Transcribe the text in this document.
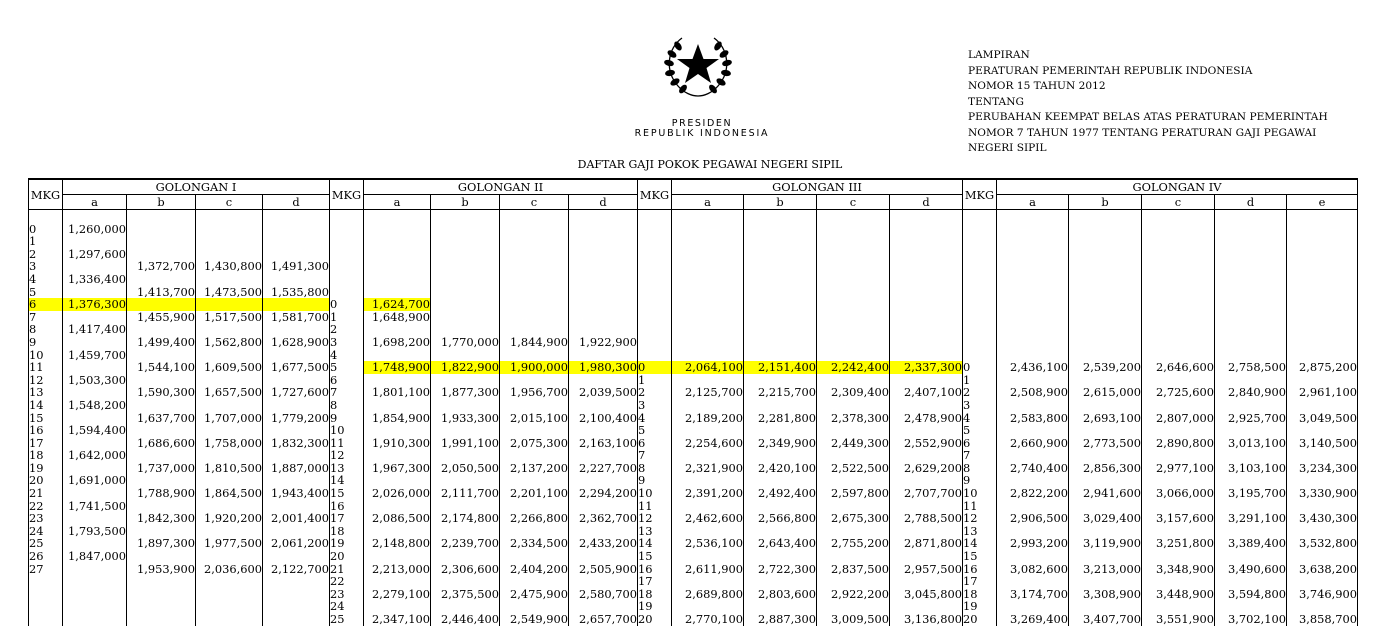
PRESIDEN
REPUBLIK INDONESIA
LAMPIRAN
PERATURAN PEMERINTAH REPUBLIK INDONESIA
NOMOR 15 TAHUN 2012
TENTANG
PERUBAHAN KEEMPAT BELAS ATAS PERATURAN PEMERINTAH
NOMOR 7 TAHUN 1977 TENTANG PERATURAN GAJI PEGAWAI
NEGERI SIPIL
DAFTAR GAJI POKOK PEGAWAI NEGERI SIPIL
MKG	GOLONGAN I				MKG	GOLONGAN II				MKG	GOLONGAN III				MKG	GOLONGAN IV				
	a	b	c	d		a	b	c	d		a	b	c	d		a	b	c	d	e

0	1,260,000																			
1																				
2	1,297,600																			
3		1,372,700	1,430,800	1,491,300																
4	1,336,400																			
5		1,413,700	1,473,500	1,535,800																
6	1,376,300				0	1,624,700														
7		1,455,900	1,517,500	1,581,700	1	1,648,900														
8	1,417,400				2															
9		1,499,400	1,562,800	1,628,900	3	1,698,200	1,770,000	1,844,900	1,922,900											
10	1,459,700				4															
11		1,544,100	1,609,500	1,677,500	5	1,748,900	1,822,900	1,900,000	1,980,300	0	2,064,100	2,151,400	2,242,400	2,337,300	0	2,436,100	2,539,200	2,646,600	2,758,500	2,875,200
12	1,503,300				6					1					1					
13		1,590,300	1,657,500	1,727,600	7	1,801,100	1,877,300	1,956,700	2,039,500	2	2,125,700	2,215,700	2,309,400	2,407,100	2	2,508,900	2,615,000	2,725,600	2,840,900	2,961,100
14	1,548,200				8					3					3					
15		1,637,700	1,707,000	1,779,200	9	1,854,900	1,933,300	2,015,100	2,100,400	4	2,189,200	2,281,800	2,378,300	2,478,900	4	2,583,800	2,693,100	2,807,000	2,925,700	3,049,500
16	1,594,400				10					5					5					
17		1,686,600	1,758,000	1,832,300	11	1,910,300	1,991,100	2,075,300	2,163,100	6	2,254,600	2,349,900	2,449,300	2,552,900	6	2,660,900	2,773,500	2,890,800	3,013,100	3,140,500
18	1,642,000				12					7					7					
19		1,737,000	1,810,500	1,887,000	13	1,967,300	2,050,500	2,137,200	2,227,700	8	2,321,900	2,420,100	2,522,500	2,629,200	8	2,740,400	2,856,300	2,977,100	3,103,100	3,234,300
20	1,691,000				14					9					9					
21		1,788,900	1,864,500	1,943,400	15	2,026,000	2,111,700	2,201,100	2,294,200	10	2,391,200	2,492,400	2,597,800	2,707,700	10	2,822,200	2,941,600	3,066,000	3,195,700	3,330,900
22	1,741,500				16					11					11					
23		1,842,300	1,920,200	2,001,400	17	2,086,500	2,174,800	2,266,800	2,362,700	12	2,462,600	2,566,800	2,675,300	2,788,500	12	2,906,500	3,029,400	3,157,600	3,291,100	3,430,300
24	1,793,500				18					13					13					
25		1,897,300	1,977,500	2,061,200	19	2,148,800	2,239,700	2,334,500	2,433,200	14	2,536,100	2,643,400	2,755,200	2,871,800	14	2,993,200	3,119,900	3,251,800	3,389,400	3,532,800
26	1,847,000				20					15					15					
27		1,953,900	2,036,600	2,122,700	21	2,213,000	2,306,600	2,404,200	2,505,900	16	2,611,900	2,722,300	2,837,500	2,957,500	16	3,082,600	3,213,000	3,348,900	3,490,600	3,638,200
					22					17					17					
					23	2,279,100	2,375,500	2,475,900	2,580,700	18	2,689,800	2,803,600	2,922,200	3,045,800	18	3,174,700	3,308,900	3,448,900	3,594,800	3,746,900
					24					19					19					
					25	2,347,100	2,446,400	2,549,900	2,657,700	20	2,770,100	2,887,300	3,009,500	3,136,800	20	3,269,400	3,407,700	3,551,900	3,702,100	3,858,700
